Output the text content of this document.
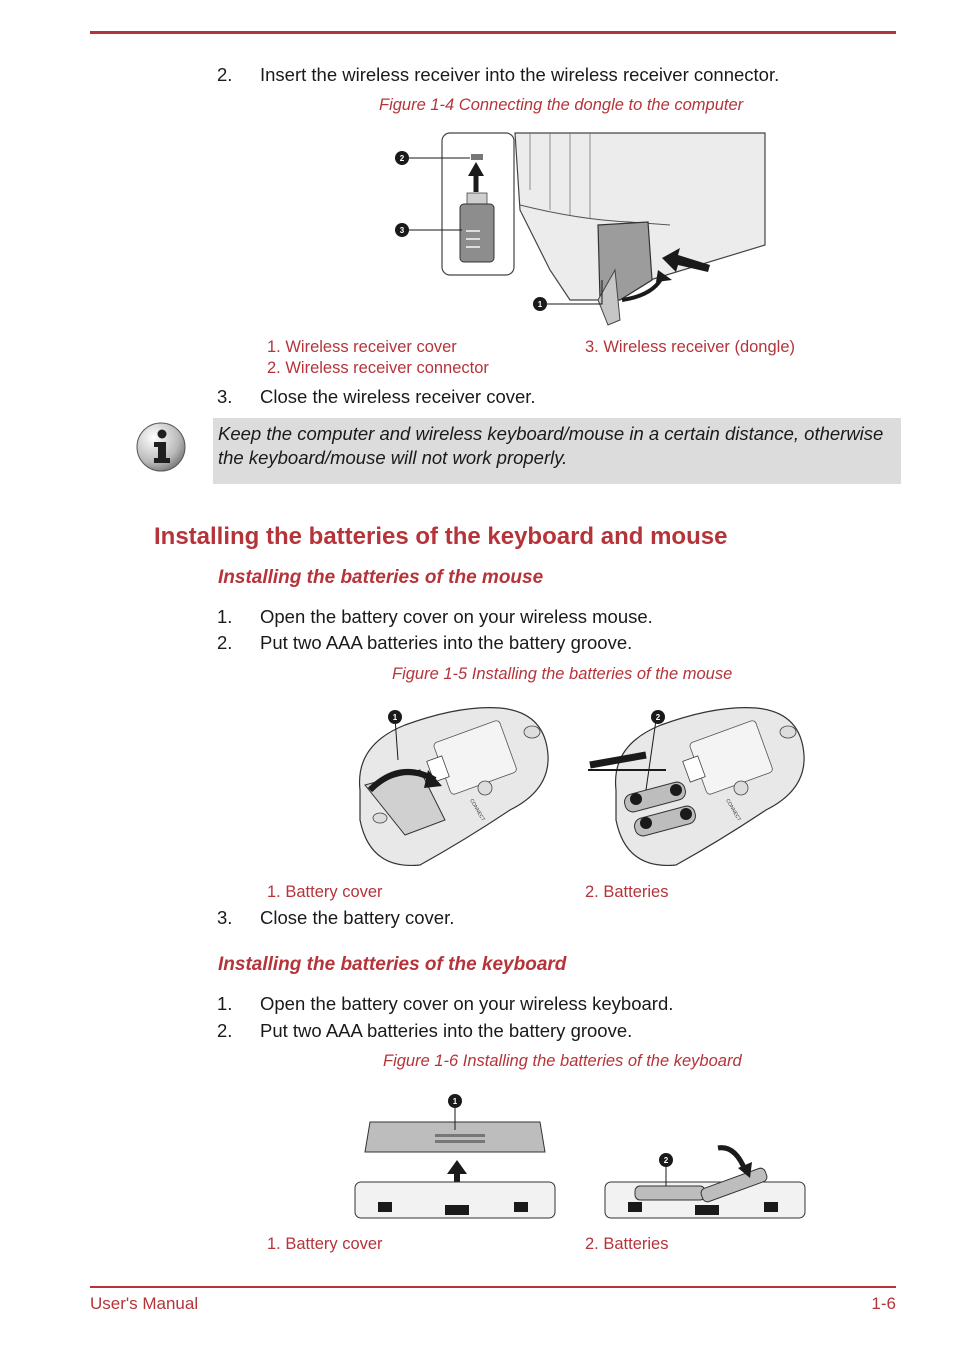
2. Insert the wireless receiver into the wireless receiver connector.
Figure 1-4 Connecting the dongle to the computer
2
3
1
1. Wireless receiver cover
2. Wireless receiver connector
3. Wireless receiver (dongle)
3. Close the wireless receiver cover.
Keep the computer and wireless keyboard/mouse in a certain distance, otherwise the keyboard/mouse will not work properly.
Installing the batteries of the keyboard and mouse
Installing the batteries of the mouse
1. Open the battery cover on your wireless mouse.
2. Put two AAA batteries into the battery groove.
Figure 1-5 Installing the batteries of the mouse
CONNECT
1
CONNECT
2
1. Battery cover	2. Batteries
3. Close the battery cover.
Installing the batteries of the keyboard
1. Open the battery cover on your wireless keyboard.
2. Put two AAA batteries into the battery groove.
Figure 1-6 Installing the batteries of the keyboard
1
2
1. Battery cover	2. Batteries
User's Manual	1-6
